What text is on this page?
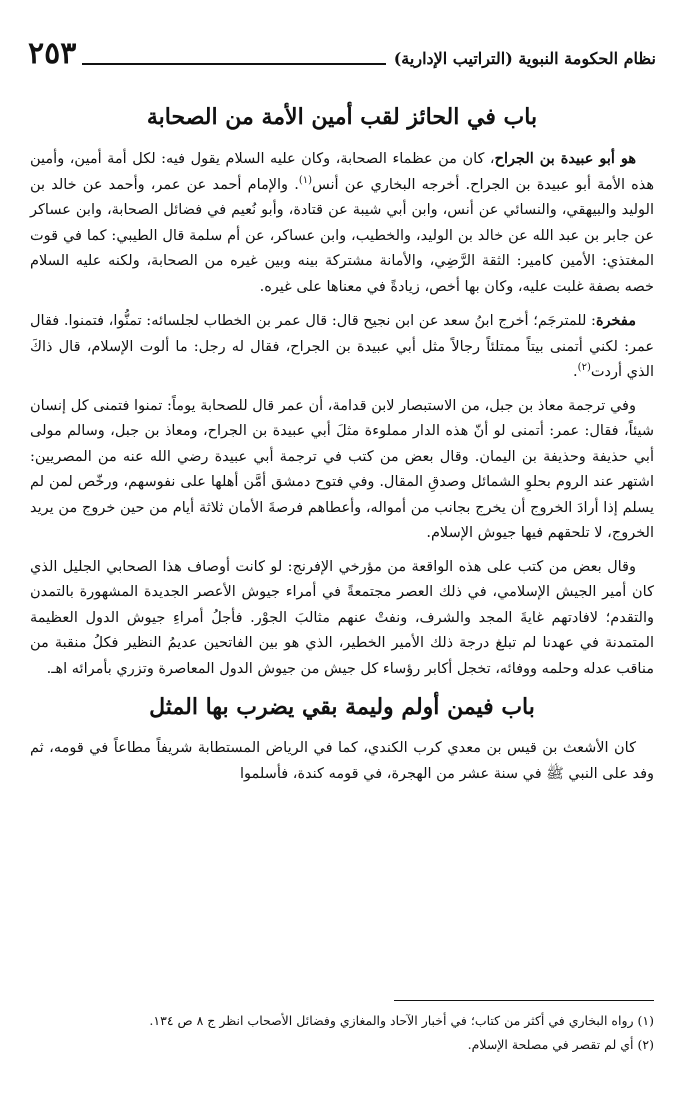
نظام الحكومة النبوية (التراتيب الإدارية)
٢٥٣
باب في الحائز لقب أمين الأمة من الصحابة

هو أبو عبيدة بن الجراح، كان من عظماء الصحابة، وكان عليه السلام يقول فيه: لكل أمة أمين، وأمين هذه الأمة أبو عبيدة بن الجراح. أخرجه البخاري عن أنس$^{(١)}$. والإمام أحمد عن عمر، وأحمد عن خالد بن الوليد والبيهقي، والنسائي عن أنس، وابن أبي شيبة عن قتادة، وأبو نُعيم في فضائل الصحابة، وابن عساكر عن جابر بن عبد الله عن خالد بن الوليد، والخطيب، وابن عساكر، عن أم سلمة قال الطيبي: كما في قوت المغتذي: الأمين كامير: الثقة الرَّضِي، والأمانة مشتركة بينه وبين غيره من الصحابة، ولكنه عليه السلام خصه بصفة غلبت عليه، وكان بها أخص، زيادةً في معناها على غيره.

مفخرة: للمترجَم؛ أخرج ابنُ سعد عن ابن نجيح قال: قال عمر بن الخطاب لجلسائه: تمنُّوا، فتمنوا. فقال عمر: لكني أتمنى بيتاً ممتلئاً رجالاً مثل أبي عبيدة بن الجراح، فقال له رجل: ما ألوت الإسلام، قال ذاكَ الذي أردت$^{(٢)}$.

وفي ترجمة معاذ بن جبل، من الاستبصار لابن قدامة، أن عمر قال للصحابة يوماً: تمنوا فتمنى كل إنسان شيئاً، فقال: عمر: أتمنى لو أنّ هذه الدار مملوءة مثلَ أبي عبيدة بن الجراح، ومعاذ بن جبل، وسالم مولى أبي حذيفة وحذيفة بن اليمان. وقال بعض من كتب في ترجمة أبي عبيدة رضي الله عنه من المصريين: اشتهر عند الروم بحلوِ الشمائل وصدقِ المقال. وفي فتوح دمشق أمَّن أهلها على نفوسهم، ورخّص لمن لم يسلم إذا أرادَ الخروج أن يخرج بجانب من أمواله، وأعطاهم فرصةَ الأمان ثلاثة أيام من حين خروج من يريد الخروج، لا تلحقهم فيها جيوش الإسلام.

وقال بعض من كتب على هذه الواقعة من مؤرخي الإفرنج: لو كانت أوصاف هذا الصحابي الجليل الذي كان أمير الجيش الإسلامي، في ذلك العصر مجتمعةً في أمراء جيوش الأعصر الجديدة المشهورة بالتمدن والتقدم؛ لافادتهم غايةَ المجد والشرف، ونفتْ عنهم مثالبَ الجوْر. فأجلُ أمراءِ جيوش الدول العظيمة المتمدنة في عهدنا لم تبلغ درجة ذلك الأمير الخطير، الذي هو بين الفاتحين عديمُ النظير فكلُ منقبة من مناقب عدله وحلمه ووفائه، تخجل أكابر رؤساء كل جيش من جيوش الدول المعاصرة وتزري بأمرائه اهـ.

باب فيمن أولم وليمة بقي يضرب بها المثل

كان الأشعث بن قيس بن معدي كرب الكندي، كما في الرياض المستطابة شريفاً مطاعاً في قومه، ثم وفد على النبي ﷺ في سنة عشر من الهجرة، في قومه كندة، فأسلموا

(١) رواه البخاري في أكثر من كتاب؛ في أخبار الآحاد والمغازي وفضائل الأصحاب انظر ج ٨ ص ١٣٤.

(٢) أي لم تقصر في مصلحة الإسلام.
